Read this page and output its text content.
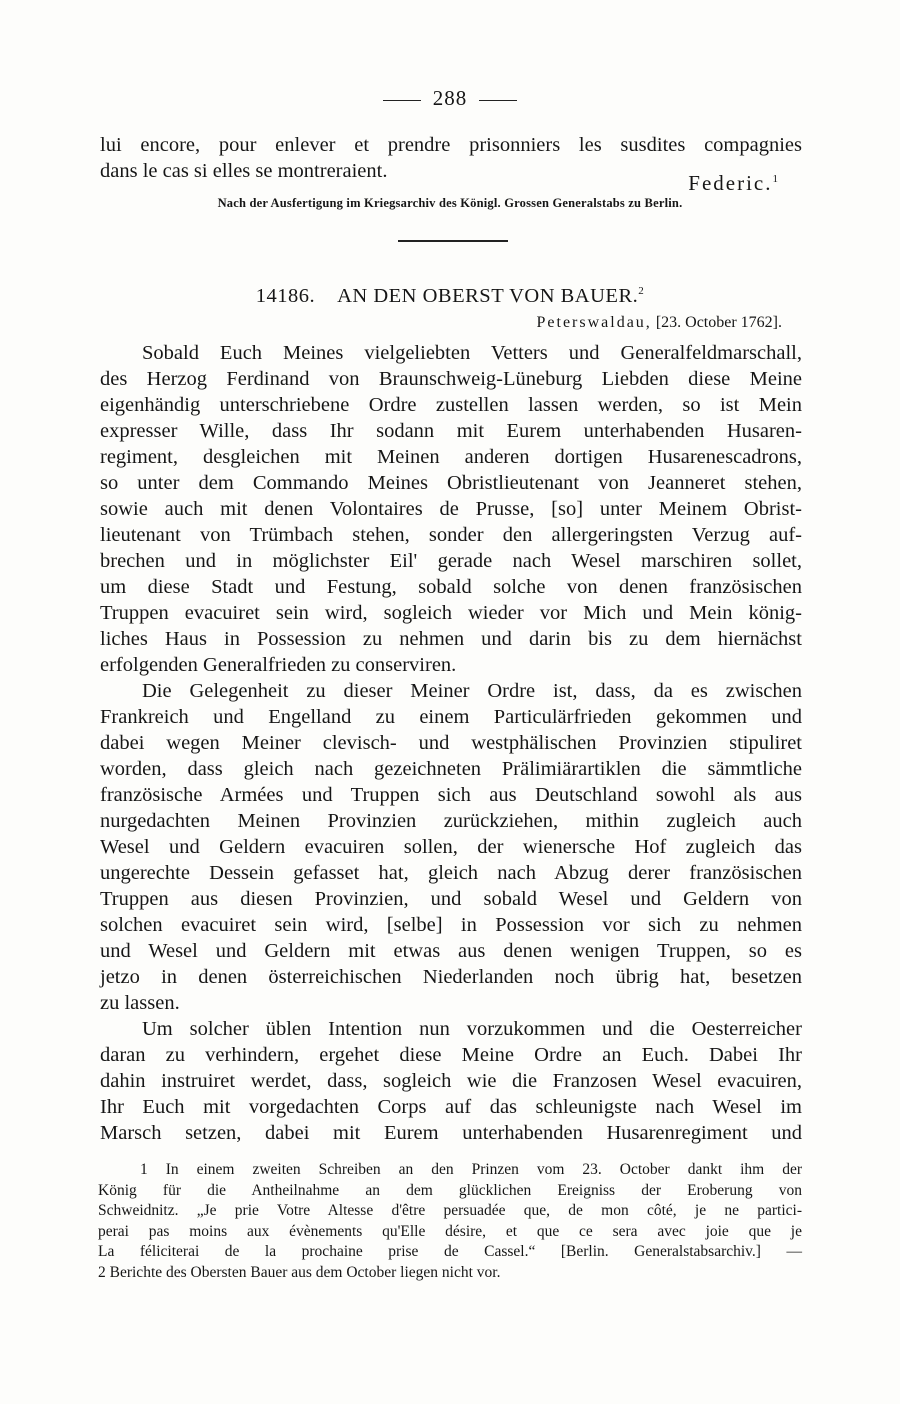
288
lui encore, pour enlever et prendre prisonniers les susdites compagnies
dans le cas si elles se montreraient.	Federic.$^1$
Nach der Ausfertigung im Kriegsarchiv des Königl. Grossen Generalstabs zu Berlin.
14186. AN DEN OBERST VON BAUER.$^2$
Peterswaldau, [23. October 1762].
Sobald Euch Meines vielgeliebten Vetters und Generalfeldmarschall,
des Herzog Ferdinand von Braunschweig-Lüneburg Liebden diese Meine
eigenhändig unterschriebene Ordre zustellen lassen werden, so ist Mein
expresser Wille, dass Ihr sodann mit Eurem unterhabenden Husaren-
regiment, desgleichen mit Meinen anderen dortigen Husarenescadrons,
so unter dem Commando Meines Obristlieutenant von Jeanneret stehen,
sowie auch mit denen Volontaires de Prusse, [so] unter Meinem Obrist-
lieutenant von Trümbach stehen, sonder den allergeringsten Verzug auf-
brechen und in möglichster Eil' gerade nach Wesel marschiren sollet,
um diese Stadt und Festung, sobald solche von denen französischen
Truppen evacuiret sein wird, sogleich wieder vor Mich und Mein könig-
liches Haus in Possession zu nehmen und darin bis zu dem hiernächst
erfolgenden Generalfrieden zu conserviren.
Die Gelegenheit zu dieser Meiner Ordre ist, dass, da es zwischen
Frankreich und Engelland zu einem Particulärfrieden gekommen und
dabei wegen Meiner clevisch- und westphälischen Provinzien stipuliret
worden, dass gleich nach gezeichneten Prälimiärartiklen die sämmtliche
französische Armées und Truppen sich aus Deutschland sowohl als aus
nurgedachten Meinen Provinzien zurückziehen, mithin zugleich auch
Wesel und Geldern evacuiren sollen, der wienersche Hof zugleich das
ungerechte Dessein gefasset hat, gleich nach Abzug derer französischen
Truppen aus diesen Provinzien, und sobald Wesel und Geldern von
solchen evacuiret sein wird, [selbe] in Possession vor sich zu nehmen
und Wesel und Geldern mit etwas aus denen wenigen Truppen, so es
jetzo in denen österreichischen Niederlanden noch übrig hat, besetzen
zu lassen.
Um solcher üblen Intention nun vorzukommen und die Oesterreicher
daran zu verhindern, ergehet diese Meine Ordre an Euch. Dabei Ihr
dahin instruiret werdet, dass, sogleich wie die Franzosen Wesel evacuiren,
Ihr Euch mit vorgedachten Corps auf das schleunigste nach Wesel im
Marsch setzen, dabei mit Eurem unterhabenden Husarenregiment und
1 In einem zweiten Schreiben an den Prinzen vom 23. October dankt ihm der
König für die Antheilnahme an dem glücklichen Ereigniss der Eroberung von
Schweidnitz. „Je prie Votre Altesse d'être persuadée que, de mon côté, je ne partici-
perai pas moins aux évènements qu'Elle désire, et que ce sera avec joie que je
La féliciterai de la prochaine prise de Cassel.“ [Berlin. Generalstabsarchiv.] —
2 Berichte des Obersten Bauer aus dem October liegen nicht vor.
